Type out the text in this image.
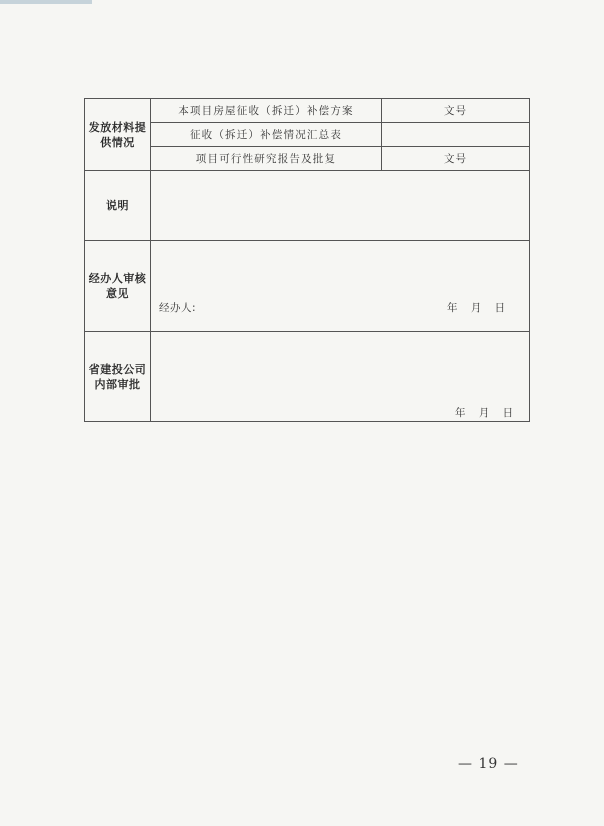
发放材料提供情况	本项目房屋征收（拆迁）补偿方案	文号
	征收（拆迁）补偿情况汇总表	
	项目可行性研究报告及批复	文号

说明		

经办人审核意见	经办人: 年 月 日	

省建投公司内部审批	年 月 日	
— 19 —
